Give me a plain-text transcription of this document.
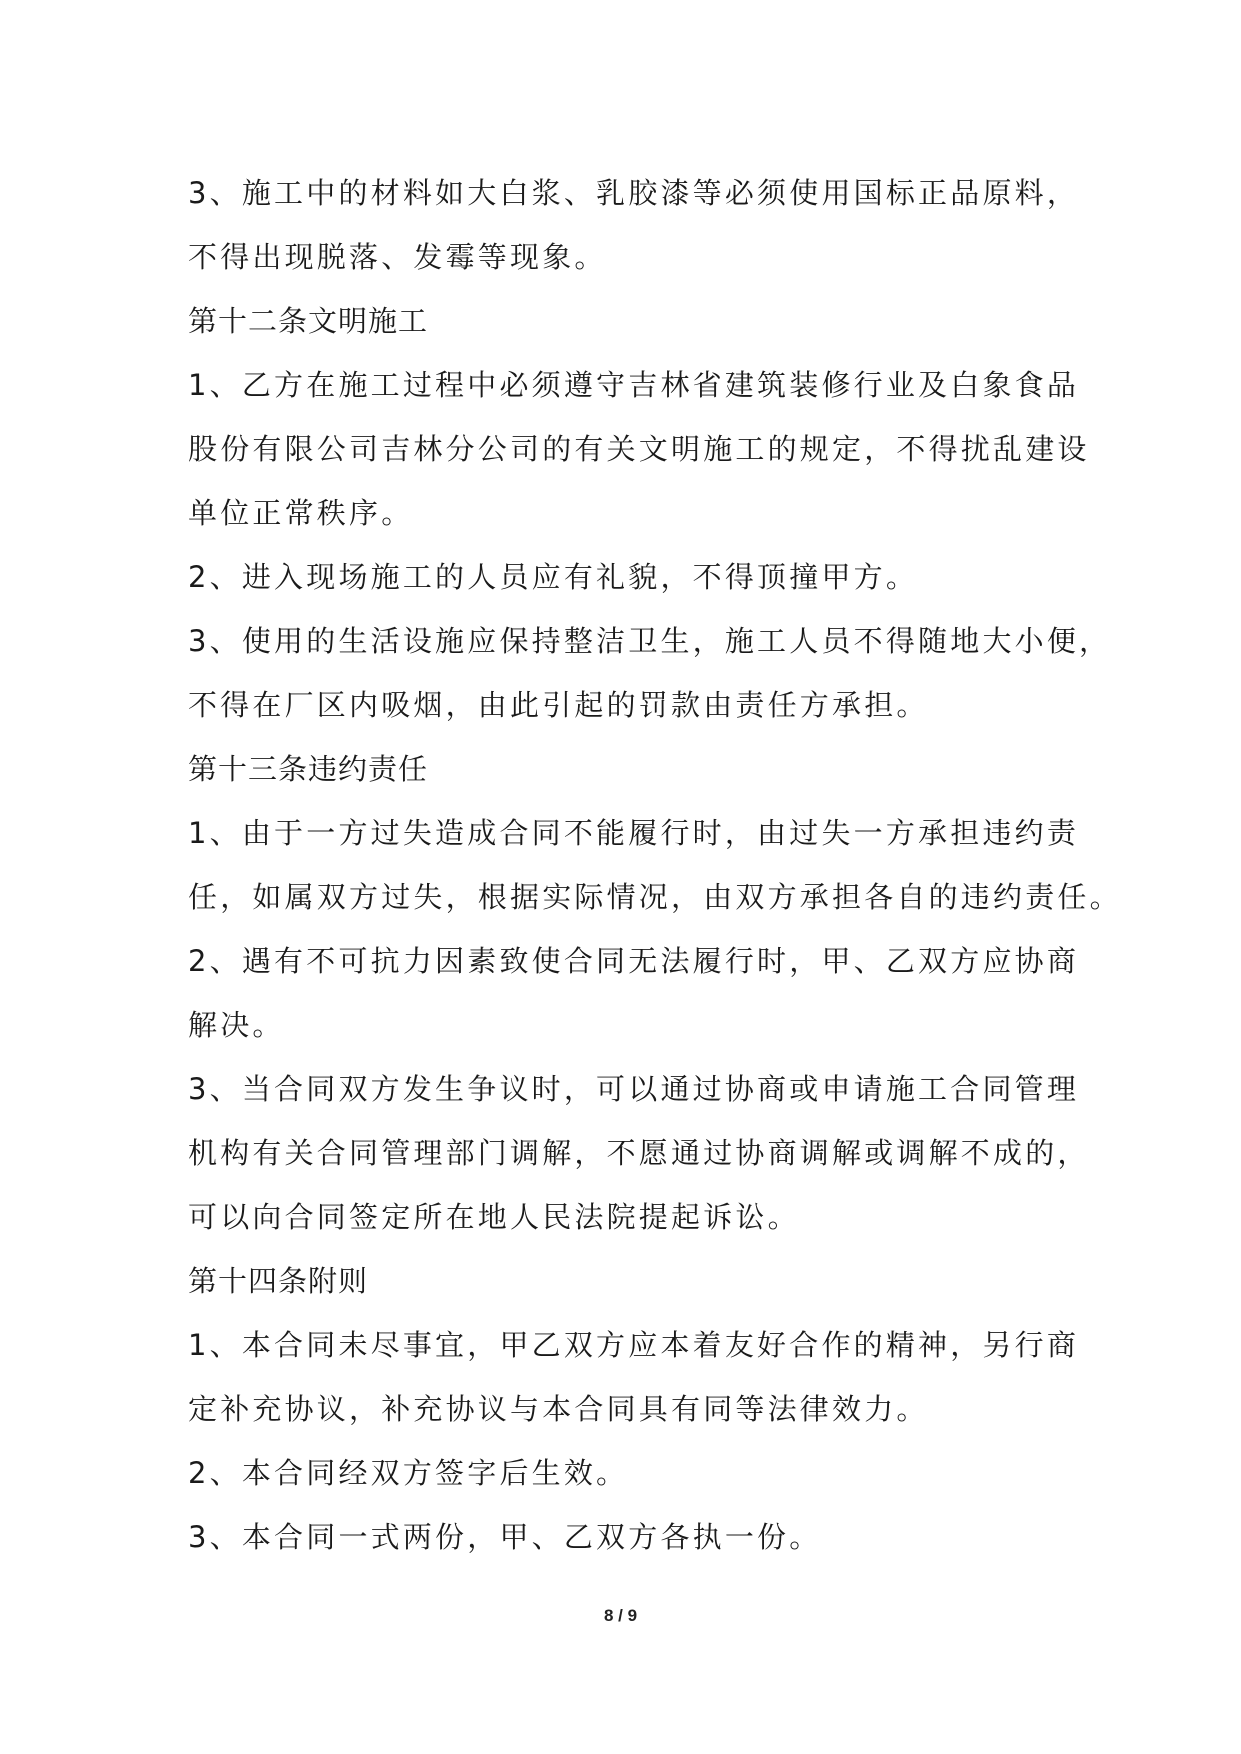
3、施工中的材料如大白浆、乳胶漆等必须使用国标正品原料，
不得出现脱落、发霉等现象。
第十二条文明施工
1、乙方在施工过程中必须遵守吉林省建筑装修行业及白象食品
股份有限公司吉林分公司的有关文明施工的规定，不得扰乱建设
单位正常秩序。
2、进入现场施工的人员应有礼貌，不得顶撞甲方。
3、使用的生活设施应保持整洁卫生，施工人员不得随地大小便，
不得在厂区内吸烟，由此引起的罚款由责任方承担。
第十三条违约责任
1、由于一方过失造成合同不能履行时，由过失一方承担违约责
任，如属双方过失，根据实际情况，由双方承担各自的违约责任。
2、遇有不可抗力因素致使合同无法履行时，甲、乙双方应协商
解决。
3、当合同双方发生争议时，可以通过协商或申请施工合同管理
机构有关合同管理部门调解，不愿通过协商调解或调解不成的，
可以向合同签定所在地人民法院提起诉讼。
第十四条附则
1、本合同未尽事宜，甲乙双方应本着友好合作的精神，另行商
定补充协议，补充协议与本合同具有同等法律效力。
2、本合同经双方签字后生效。
3、本合同一式两份，甲、乙双方各执一份。
8 / 9
